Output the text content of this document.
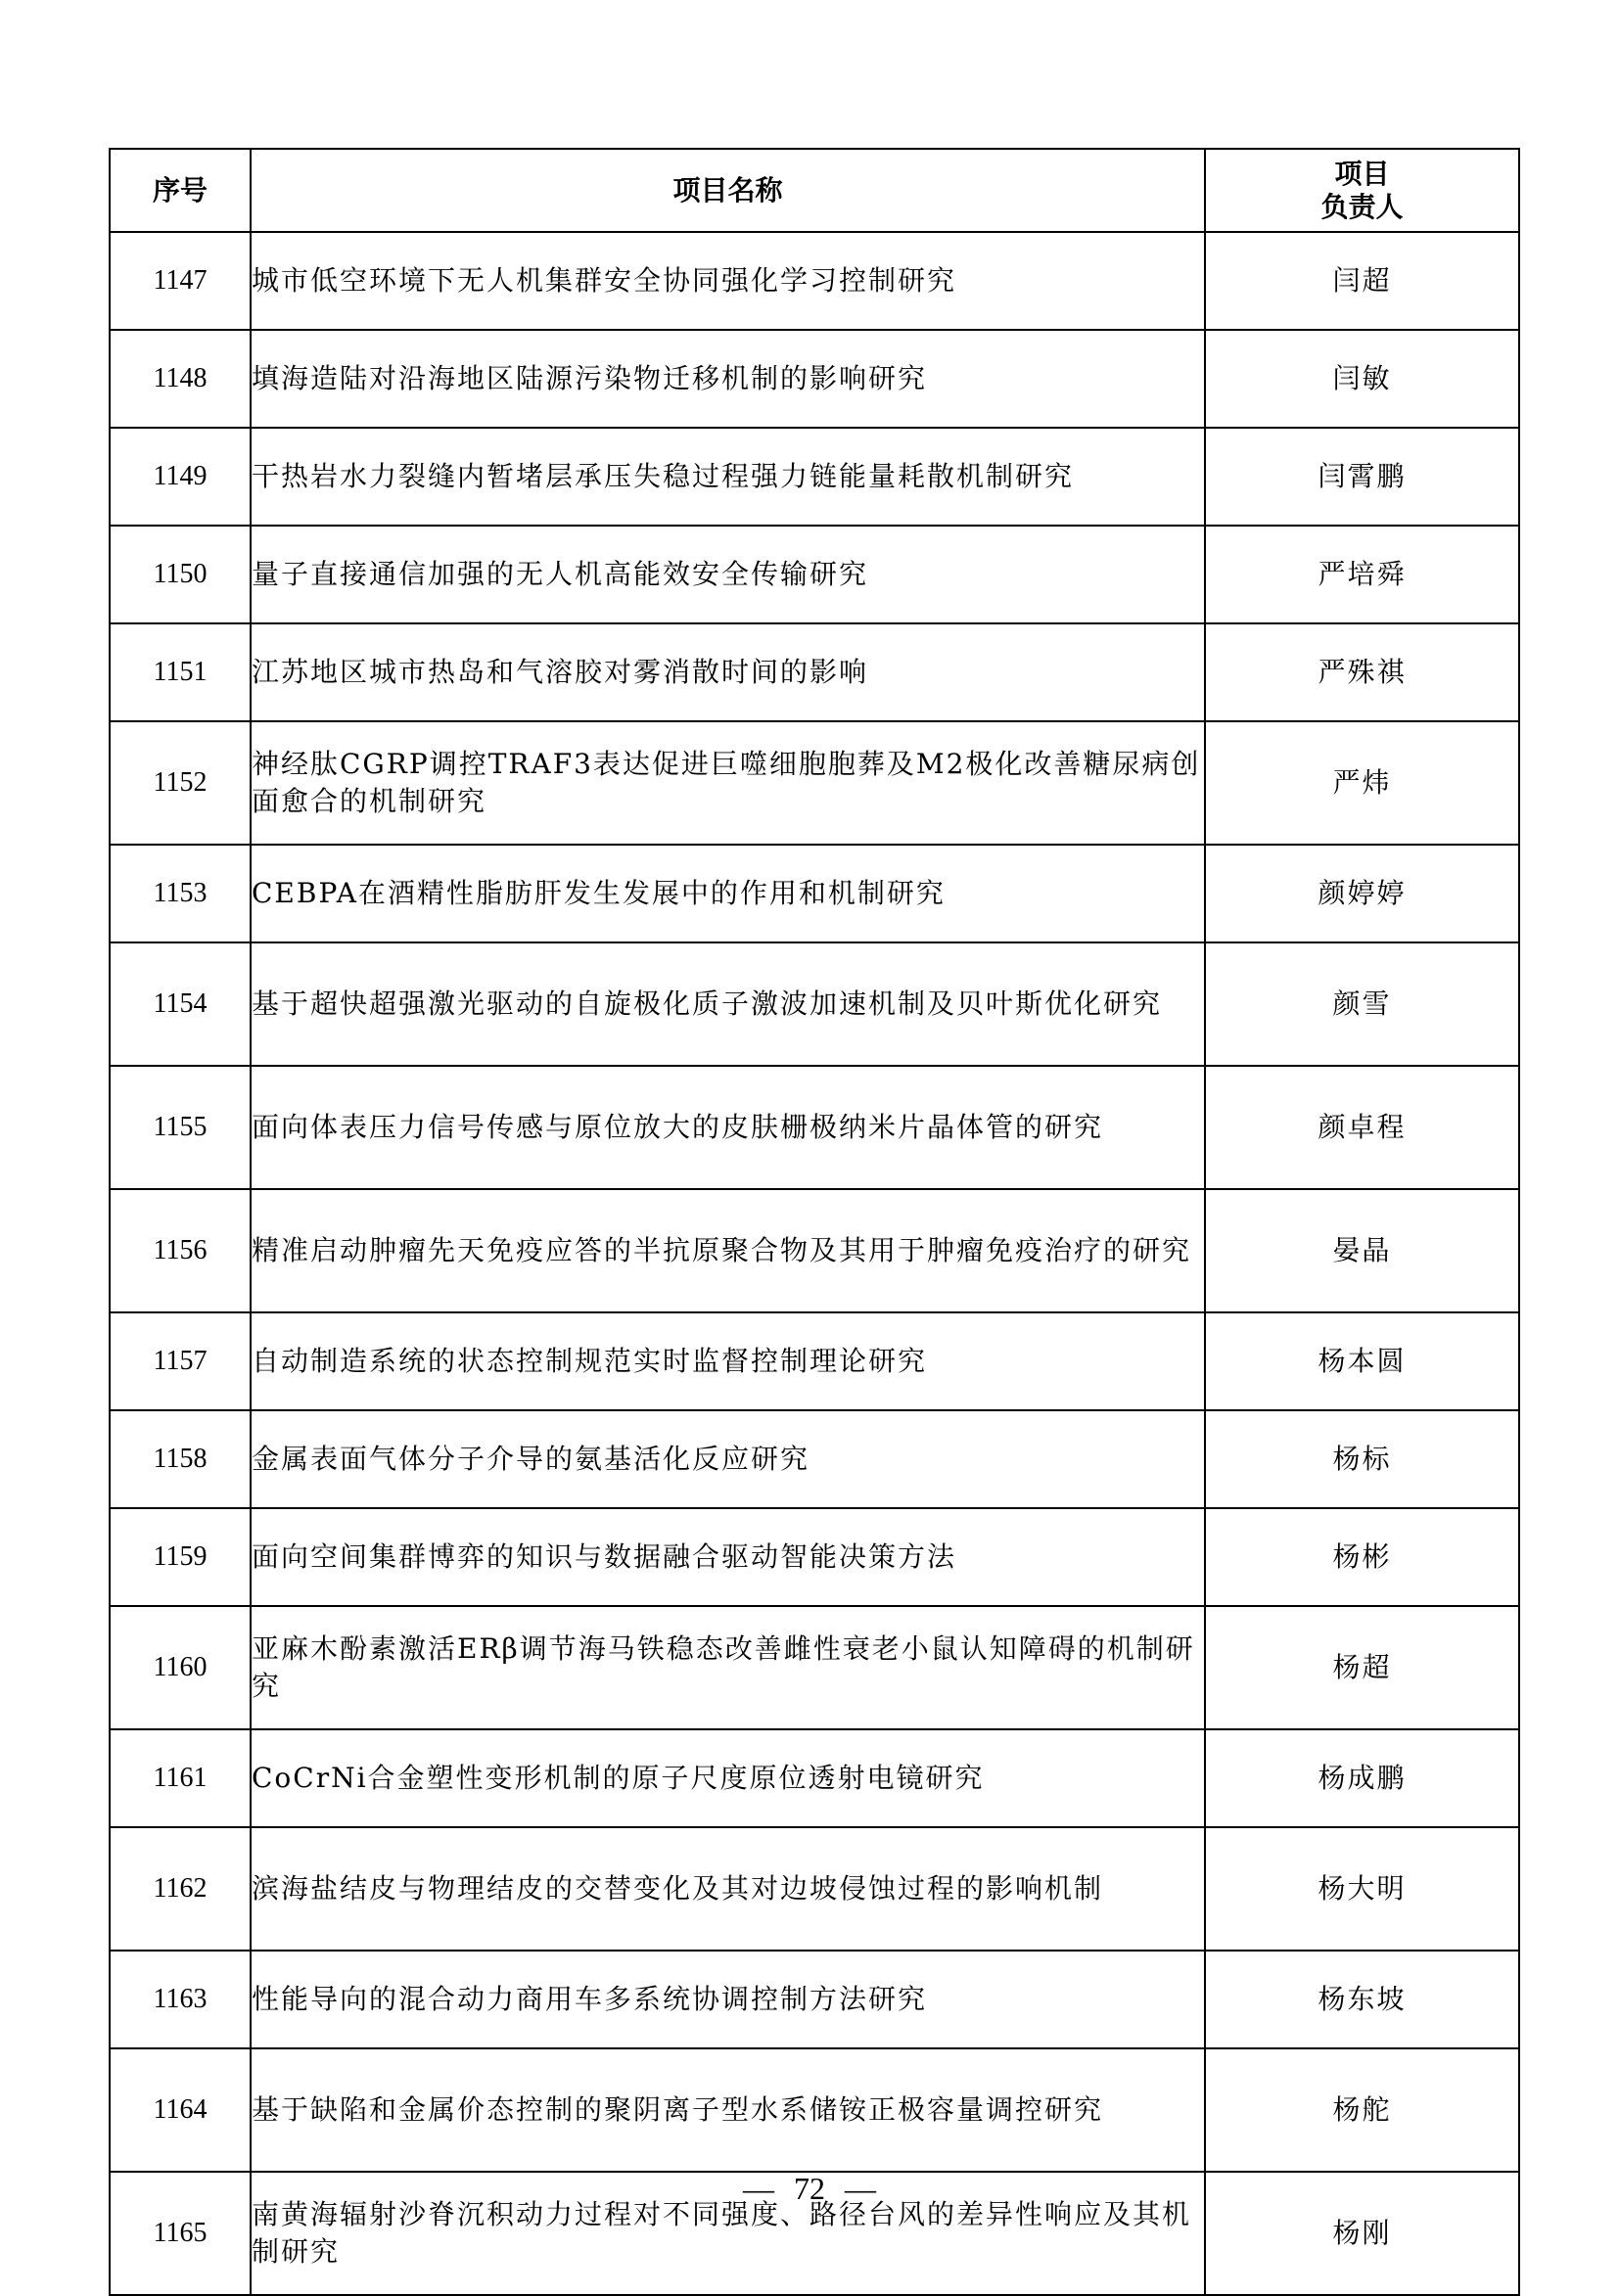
序号	项目名称	项目
负责人

1147	城市低空环境下无人机集群安全协同强化学习控制研究	闫超
1148	填海造陆对沿海地区陆源污染物迁移机制的影响研究	闫敏
1149	干热岩水力裂缝内暂堵层承压失稳过程强力链能量耗散机制研究	闫霄鹏
1150	量子直接通信加强的无人机高能效安全传输研究	严培舜
1151	江苏地区城市热岛和气溶胶对雾消散时间的影响	严殊祺
1152	神经肽CGRP调控TRAF3表达促进巨噬细胞胞葬及M2极化改善糖尿病创面愈合的机制研究	严炜
1153	CEBPA在酒精性脂肪肝发生发展中的作用和机制研究	颜婷婷
1154	基于超快超强激光驱动的自旋极化质子激波加速机制及贝叶斯优化研究	颜雪
1155	面向体表压力信号传感与原位放大的皮肤栅极纳米片晶体管的研究	颜卓程
1156	精准启动肿瘤先天免疫应答的半抗原聚合物及其用于肿瘤免疫治疗的研究	晏晶
1157	自动制造系统的状态控制规范实时监督控制理论研究	杨本圆
1158	金属表面气体分子介导的氨基活化反应研究	杨标
1159	面向空间集群博弈的知识与数据融合驱动智能决策方法	杨彬
1160	亚麻木酚素激活ERβ调节海马铁稳态改善雌性衰老小鼠认知障碍的机制研究	杨超
1161	CoCrNi合金塑性变形机制的原子尺度原位透射电镜研究	杨成鹏
1162	滨海盐结皮与物理结皮的交替变化及其对边坡侵蚀过程的影响机制	杨大明
1163	性能导向的混合动力商用车多系统协调控制方法研究	杨东坡
1164	基于缺陷和金属价态控制的聚阴离子型水系储铵正极容量调控研究	杨舵
1165	南黄海辐射沙脊沉积动力过程对不同强度、路径台风的差异性响应及其机制研究	杨刚
— 72 —
